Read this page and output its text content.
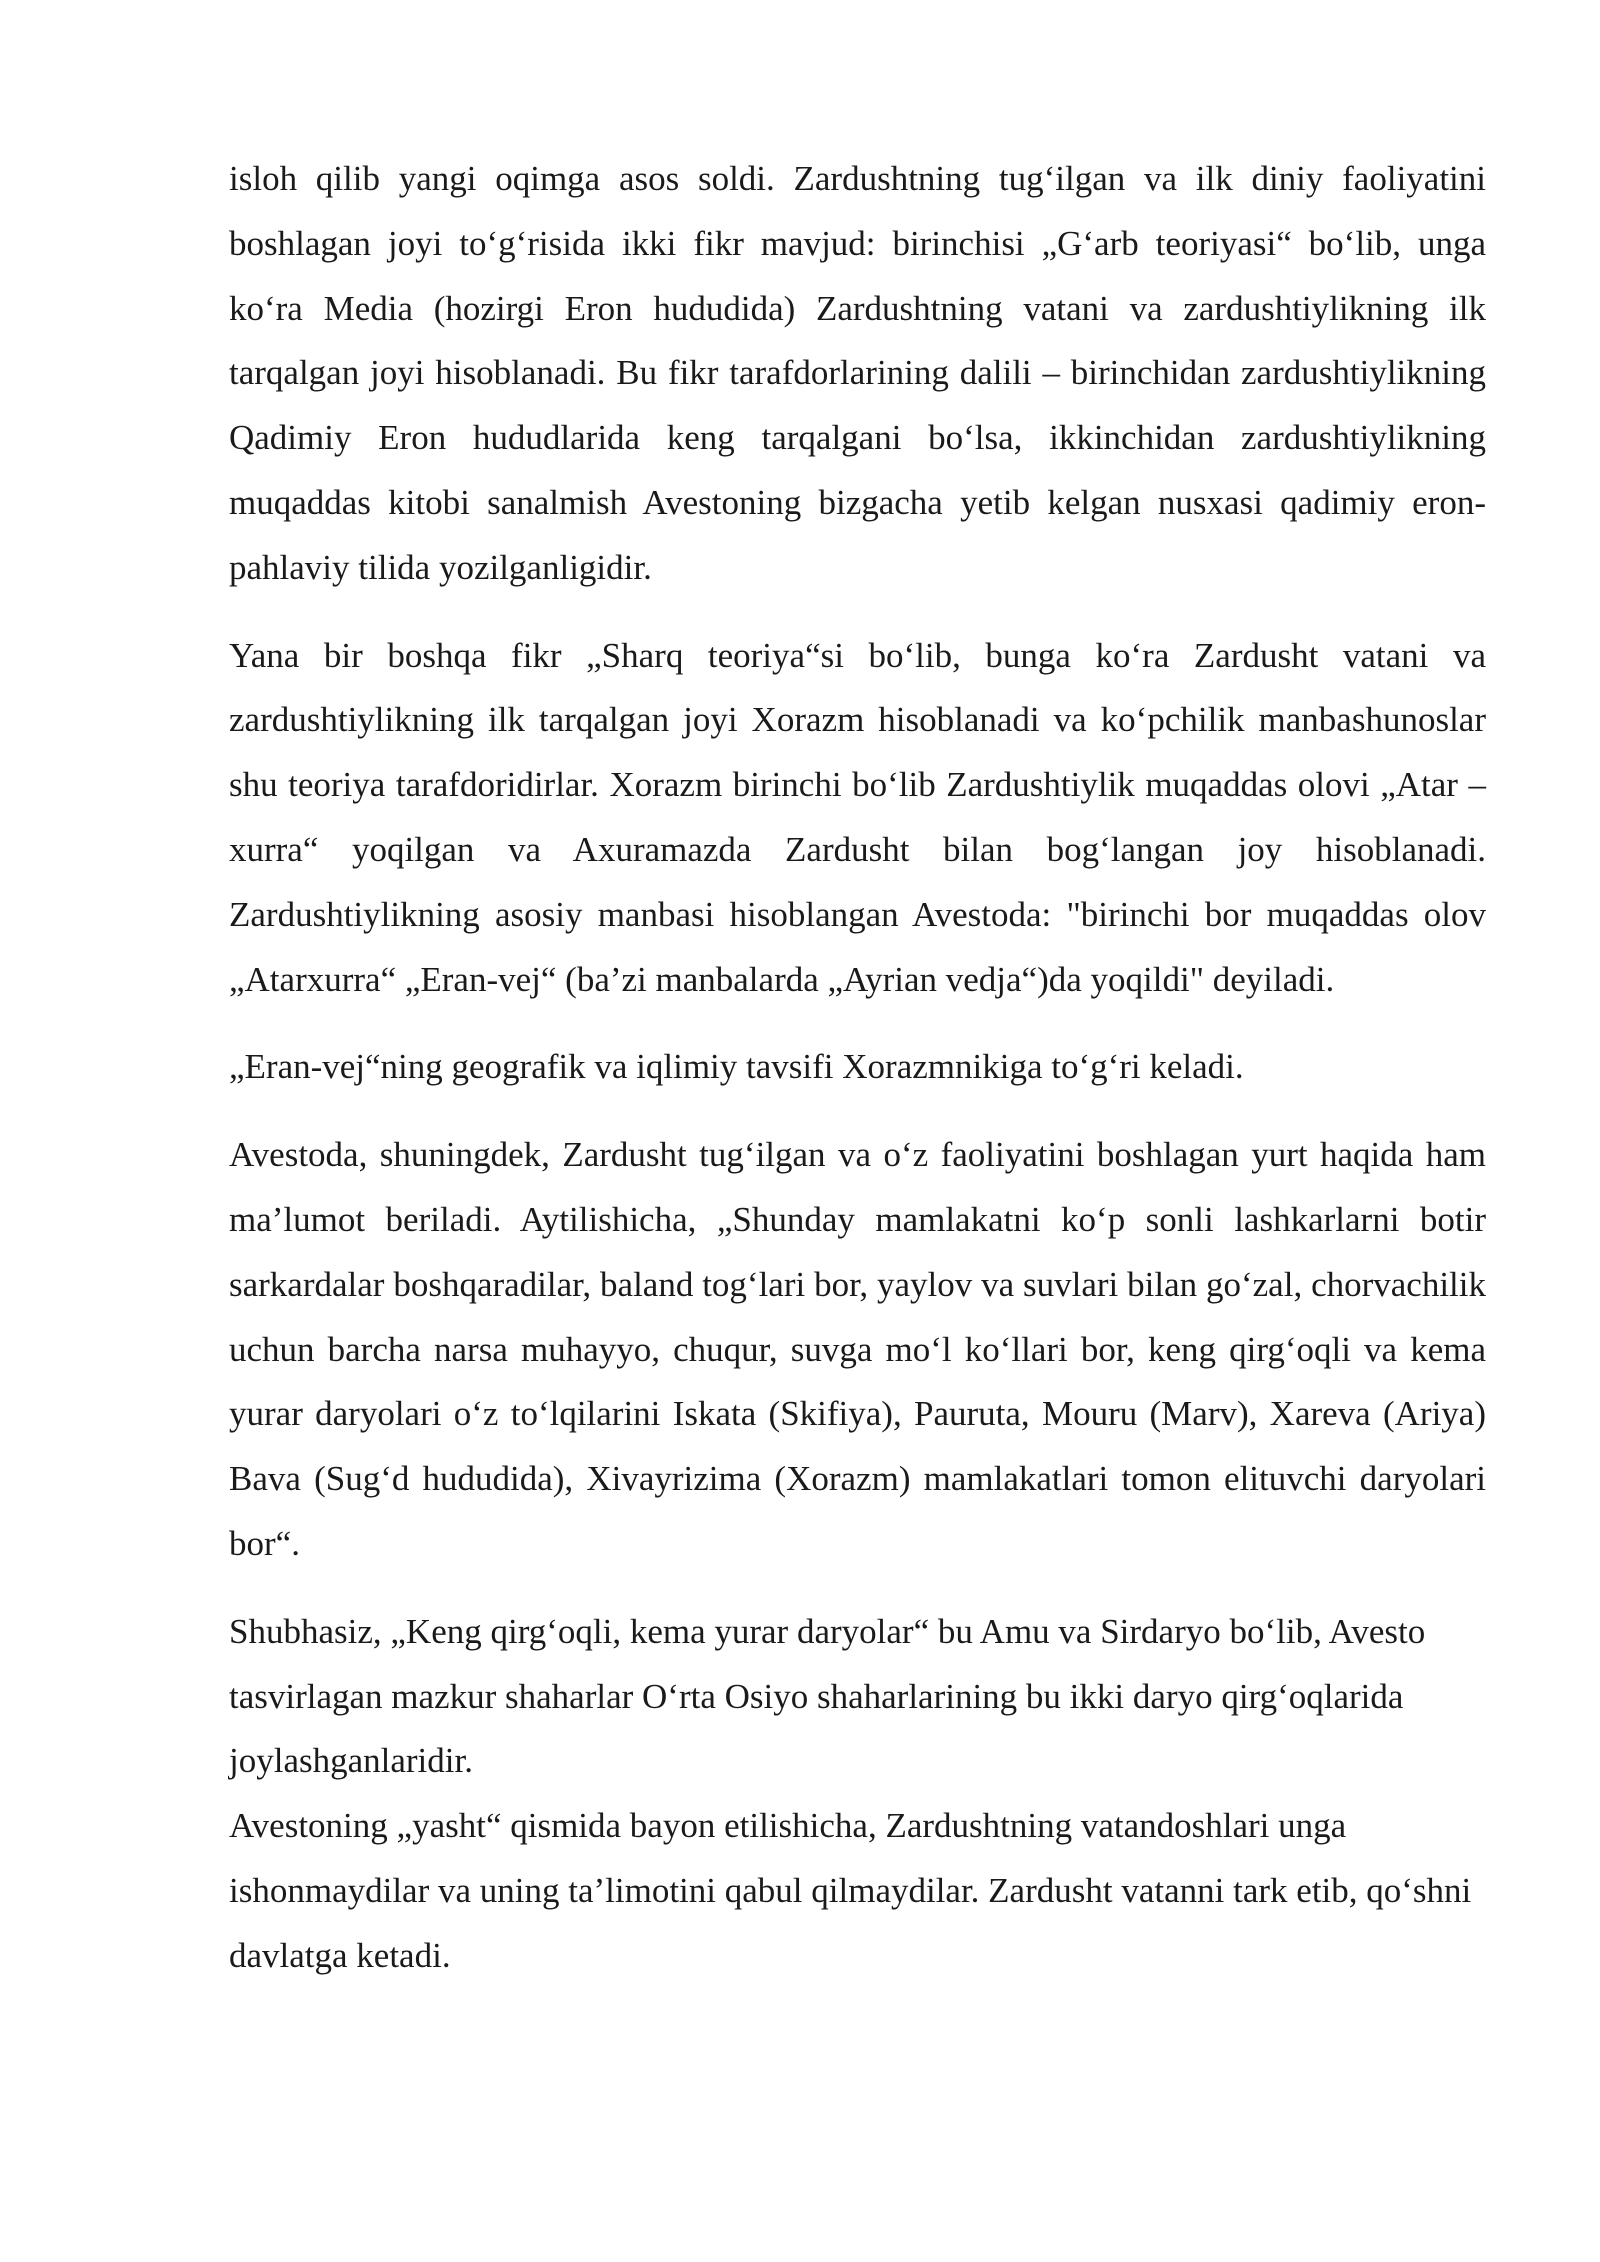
isloh qilib yangi oqimga asos soldi. Zardushtning tug‘ilgan va ilk diniy faoliyatini boshlagan joyi to‘g‘risida ikki fikr mavjud: birinchisi „G‘arb teoriyasi“ bo‘lib, unga ko‘ra Media (hozirgi Eron hududida) Zardushtning vatani va zardushtiylikning ilk tarqalgan joyi hisoblanadi. Bu fikr tarafdorlarining dalili – birinchidan zardushtiylikning Qadimiy Eron hududlarida keng tarqalgani bo‘lsa, ikkinchidan zardushtiylikning muqaddas kitobi sanalmish Avestoning bizgacha yetib kelgan nusxasi qadimiy eron-pahlaviy tilida yozilganligidir.

Yana bir boshqa fikr „Sharq teoriya“si bo‘lib, bunga ko‘ra Zardusht vatani va zardushtiylikning ilk tarqalgan joyi Xorazm hisoblanadi va ko‘pchilik manbashunoslar shu teoriya tarafdoridirlar. Xorazm birinchi bo‘lib Zardushtiylik muqaddas olovi „Atar – xurra“ yoqilgan va Axuramazda Zardusht bilan bog‘langan joy hisoblanadi. Zardushtiylikning asosiy manbasi hisoblangan Avestoda: "birinchi bor muqaddas olov „Atarxurra“ „Eran-vej“ (ba’zi manbalarda „Ayrian vedja“)da yoqildi" deyiladi.

„Eran-vej“ning geografik va iqlimiy tavsifi Xorazmnikiga to‘g‘ri keladi.

Avestoda, shuningdek, Zardusht tug‘ilgan va o‘z faoliyatini boshlagan yurt haqida ham ma’lumot beriladi. Aytilishicha, „Shunday mamlakatni ko‘p sonli lashkarlarni botir sarkardalar boshqaradilar, baland tog‘lari bor, yaylov va suvlari bilan go‘zal, chorvachilik uchun barcha narsa muhayyo, chuqur, suvga mo‘l ko‘llari bor, keng qirg‘oqli va kema yurar daryolari o‘z to‘lqilarini Iskata (Skifiya), Pauruta, Mouru (Marv), Xareva (Ariya) Bava (Sug‘d hududida), Xivayrizima (Xorazm) mamlakatlari tomon elituvchi daryolari bor“.

Shubhasiz, „Keng qirg‘oqli, kema yurar daryolar“ bu Amu va Sirdaryo bo‘lib, Avesto tasvirlagan mazkur shaharlar O‘rta Osiyo shaharlarining bu ikki daryo qirg‘oqlarida joylashganlaridir.

Avestoning „yasht“ qismida bayon etilishicha, Zardushtning vatandoshlari unga ishonmaydilar va uning ta’limotini qabul qilmaydilar. Zardusht vatanni tark etib, qo‘shni davlatga ketadi.
